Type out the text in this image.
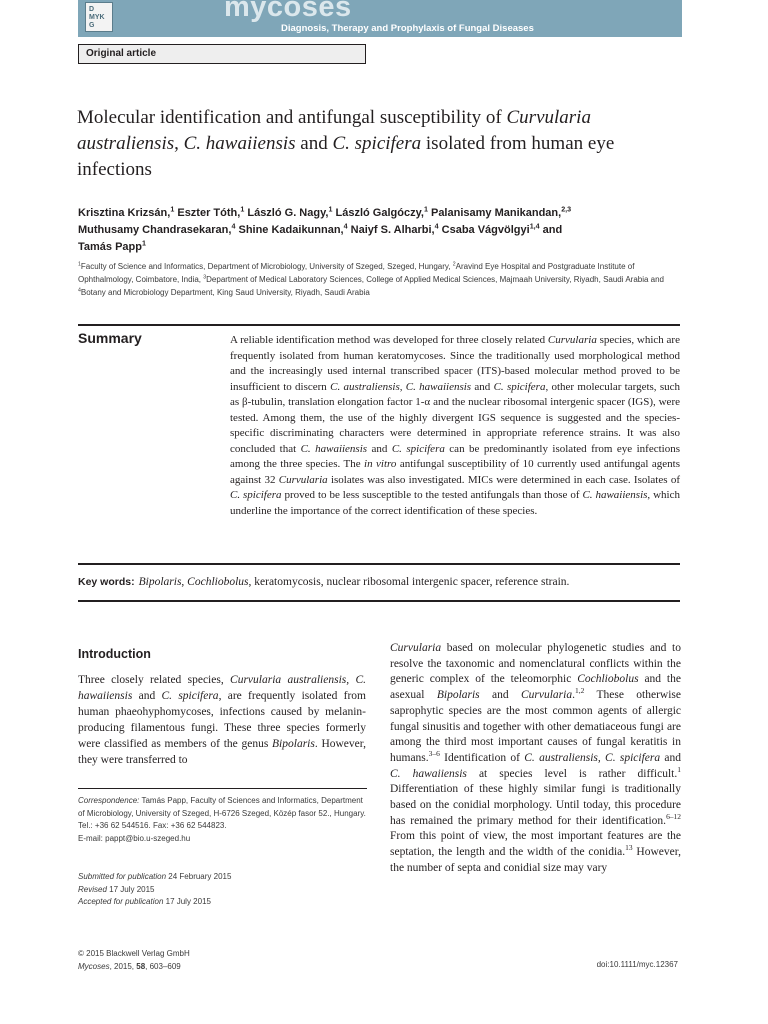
D
MYK
G
mycoses
Diagnosis, Therapy and Prophylaxis of Fungal Diseases
Original article
Molecular identification and antifungal susceptibility of Curvularia australiensis, C. hawaiiensis and C. spicifera isolated from human eye infections
Krisztina Krizsán,$^1$ Eszter Tóth,$^1$ László G. Nagy,$^1$ László Galgóczy,$^1$ Palanisamy Manikandan,$^{2,3}$
Muthusamy Chandrasekaran,$^4$ Shine Kadaikunnan,$^4$ Naiyf S. Alharbi,$^4$ Csaba Vágvölgyi$^{1,4}$ and
Tamás Papp$^1$
$^1$Faculty of Science and Informatics, Department of Microbiology, University of Szeged, Szeged, Hungary, $^2$Aravind Eye Hospital and Postgraduate Institute of Ophthalmology, Coimbatore, India, $^3$Department of Medical Laboratory Sciences, College of Applied Medical Sciences, Majmaah University, Riyadh, Saudi Arabia and $^4$Botany and Microbiology Department, King Saud University, Riyadh, Saudi Arabia
Summary	A reliable identification method was developed for three closely related Curvularia species, which are frequently isolated from human keratomycoses. Since the traditionally used morphological method and the increasingly used internal transcribed spacer (ITS)-based molecular method proved to be insufficient to discern C. australiensis, C. hawaiiensis and C. spicifera, other molecular targets, such as β-tubulin, translation elongation factor 1-α and the nuclear ribosomal intergenic spacer (IGS), were tested. Among them, the use of the highly divergent IGS sequence is suggested and the species-specific discriminating characters were determined in appropriate reference strains. It was also concluded that C. hawaiiensis and C. spicifera can be predominantly isolated from eye infections among the three species. The in vitro antifungal susceptibility of 10 currently used antifungal agents against 32 Curvularia isolates was also investigated. MICs were determined in each case. Isolates of C. spicifera proved to be less susceptible to the tested antifungals than those of C. hawaiiensis, which underline the importance of the correct identification of these species.
Key words: Bipolaris, Cochliobolus, keratomycosis, nuclear ribosomal intergenic spacer, reference strain.
Introduction
Three closely related species, Curvularia australiensis, C. hawaiiensis and C. spicifera, are frequently isolated from human phaeohyphomycoses, infections caused by melanin-producing filamentous fungi. These three species formerly were classified as members of the genus Bipolaris. However, they were transferred to
Curvularia based on molecular phylogenetic studies and to resolve the taxonomic and nomenclatural conflicts within the generic complex of the teleomorphic Cochliobolus and the asexual Bipolaris and Curvularia.$^{1,2}$ These otherwise saprophytic species are the most common agents of allergic fungal sinusitis and together with other dematiaceous fungi are among the third most important causes of fungal keratitis in humans.$^{3-6}$ Identification of C. australiensis, C. spicifera and C. hawaiiensis at species level is rather difficult.$^1$ Differentiation of these highly similar fungi is traditionally based on the conidial morphology. Until today, this procedure has remained the primary method for their identification.$^{6-12}$ From this point of view, the most important features are the septation, the length and the width of the conidia.$^{13}$ However, the number of septa and conidial size may vary
Correspondence: Tamás Papp, Faculty of Sciences and Informatics, Department of Microbiology, University of Szeged, H-6726 Szeged, Közép fasor 52., Hungary.
Tel.: +36 62 544516. Fax: +36 62 544823.
E-mail: pappt@bio.u-szeged.hu
Submitted for publication 24 February 2015
Revised 17 July 2015
Accepted for publication 17 July 2015
© 2015 Blackwell Verlag GmbH
Mycoses, 2015, 58, 603–609	doi:10.1111/myc.12367
